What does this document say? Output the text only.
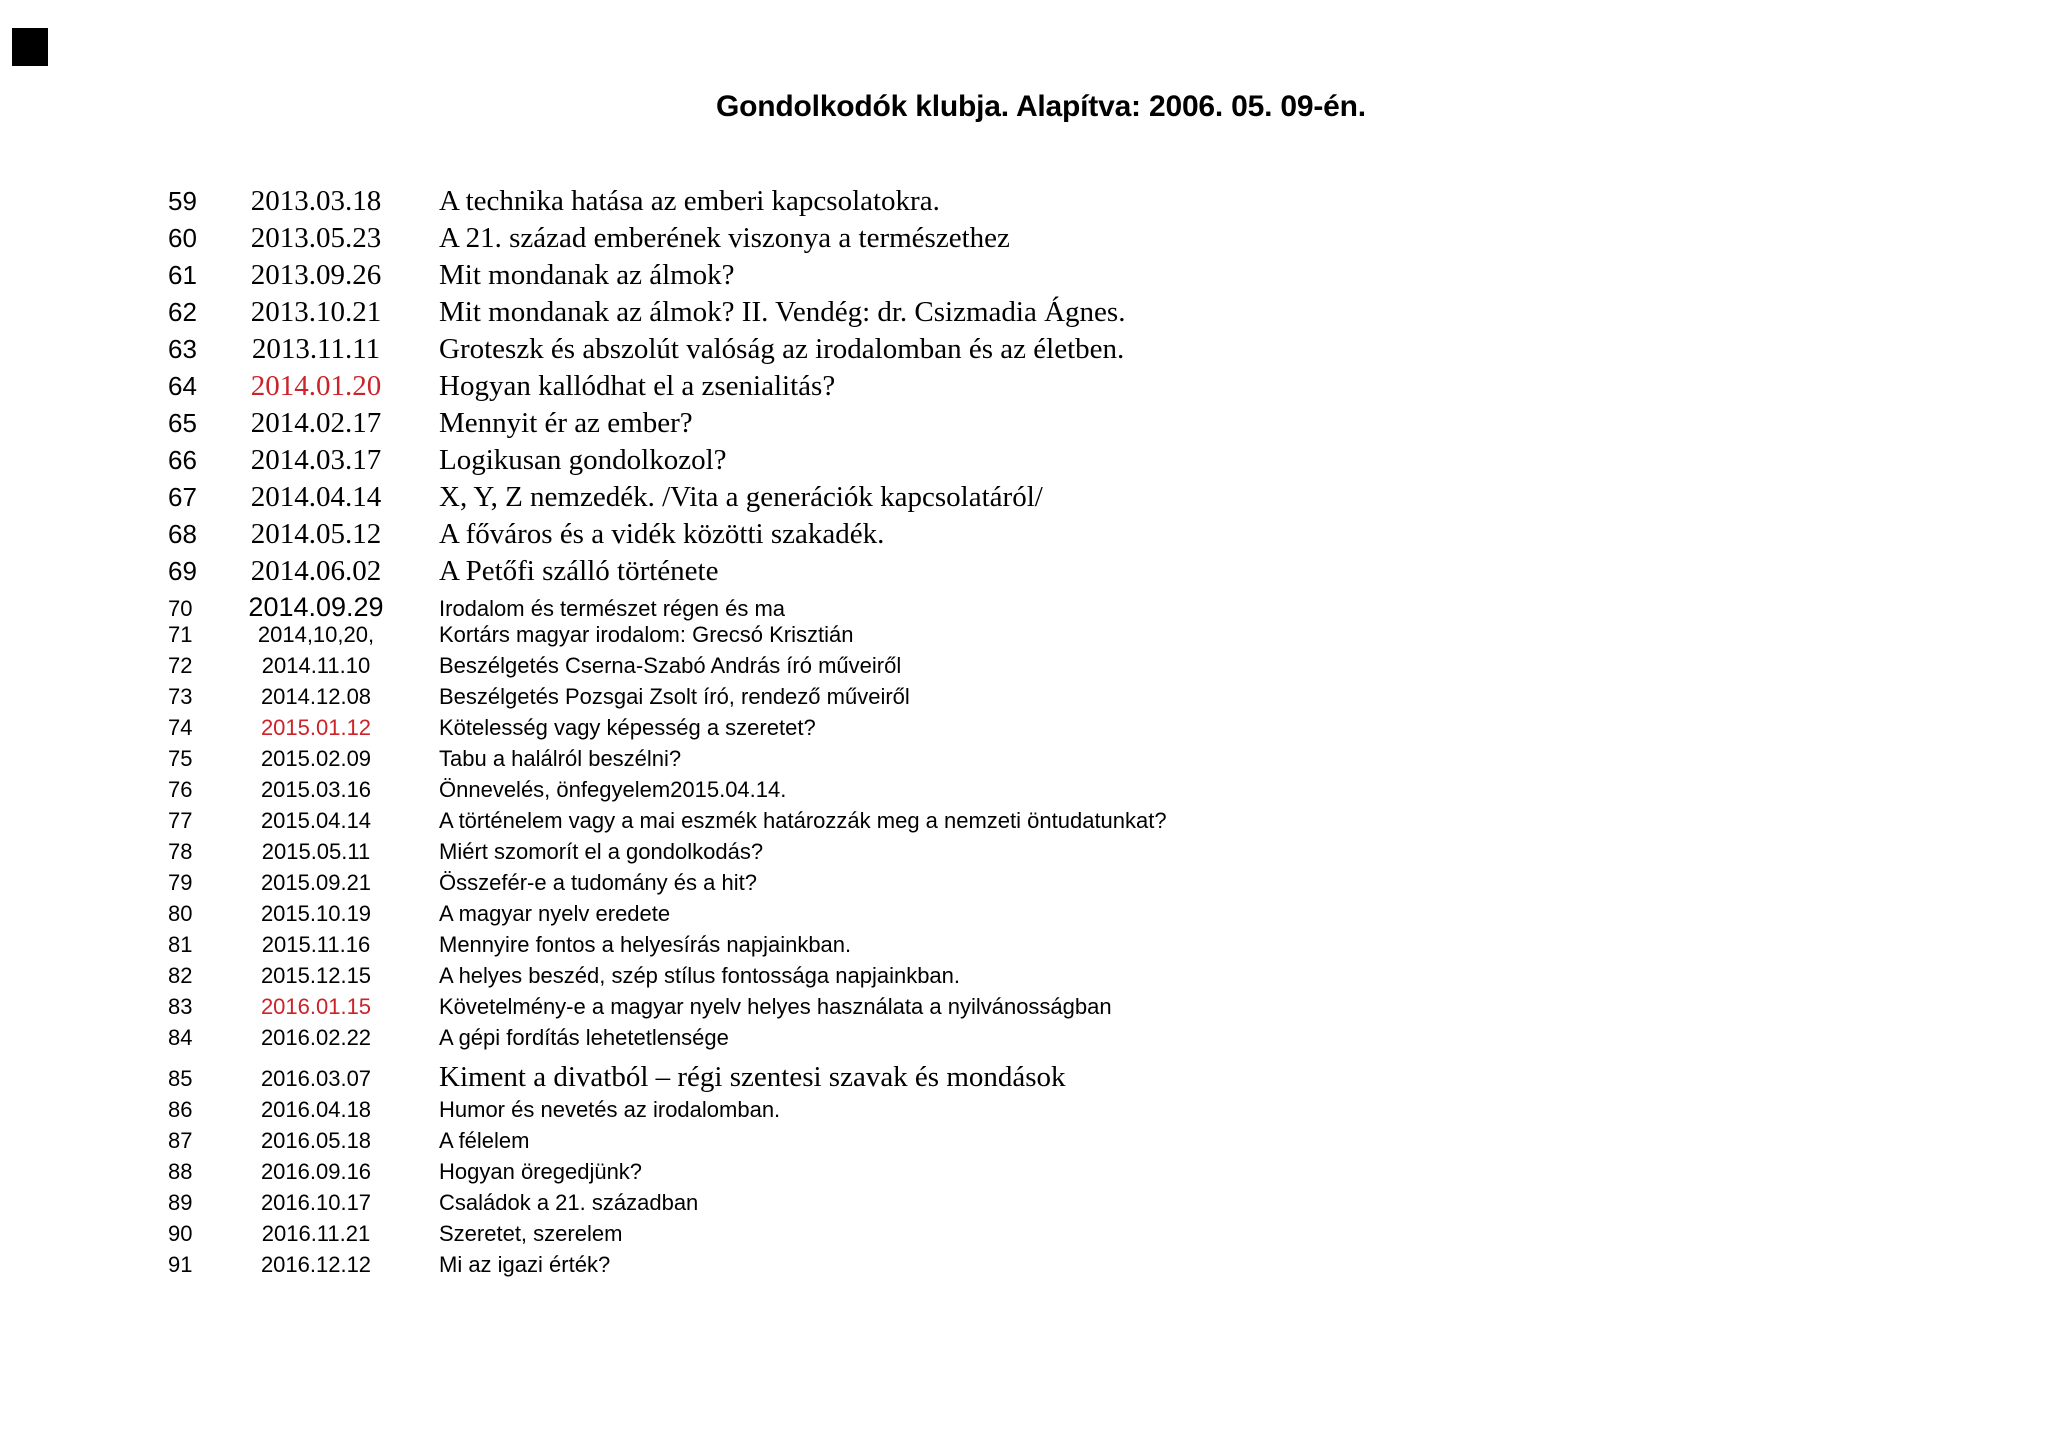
Gondolkodók klubja. Alapítva: 2006. 05. 09-én.
59	2013.03.18	A technika hatása az emberi kapcsolatokra.
60	2013.05.23	A 21. század emberének viszonya a természethez
61	2013.09.26	Mit mondanak az álmok?
62	2013.10.21	Mit mondanak az álmok? II. Vendég: dr. Csizmadia Ágnes.
63	2013.11.11	Groteszk és abszolút valóság az irodalomban és az életben.
64	2014.01.20	Hogyan kallódhat el a zsenialitás?
65	2014.02.17	Mennyit ér az ember?
66	2014.03.17	Logikusan gondolkozol?
67	2014.04.14	X, Y, Z nemzedék. /Vita a generációk kapcsolatáról/
68	2014.05.12	A főváros és a vidék közötti szakadék.
69	2014.06.02	A Petőfi szálló története
70	2014.09.29	Irodalom és természet régen és ma
71	2014,10,20,	Kortárs magyar irodalom: Grecsó Krisztián
72	2014.11.10	Beszélgetés Cserna-Szabó András író műveiről
73	2014.12.08	Beszélgetés Pozsgai Zsolt író, rendező műveiről
74	2015.01.12	Kötelesség vagy képesség a szeretet?
75	2015.02.09	Tabu a halálról beszélni?
76	2015.03.16	Önnevelés, önfegyelem2015.04.14.
77	2015.04.14	A történelem vagy a mai eszmék határozzák meg a nemzeti öntudatunkat?
78	2015.05.11	Miért szomorít el a gondolkodás?
79	2015.09.21	Összefér-e a tudomány és a hit?
80	2015.10.19	A magyar nyelv eredete
81	2015.11.16	Mennyire fontos a helyesírás napjainkban.
82	2015.12.15	A helyes beszéd, szép stílus fontossága napjainkban.
83	2016.01.15	Követelmény-e a magyar nyelv helyes használata a nyilvánosságban
84	2016.02.22	A gépi fordítás lehetetlensége
85	2016.03.07	Kiment a divatból – régi szentesi szavak és mondások
86	2016.04.18	Humor és nevetés az irodalomban.
87	2016.05.18	A félelem
88	2016.09.16	Hogyan öregedjünk?
89	2016.10.17	Családok a 21. században
90	2016.11.21	Szeretet, szerelem
91	2016.12.12	Mi az igazi érték?
